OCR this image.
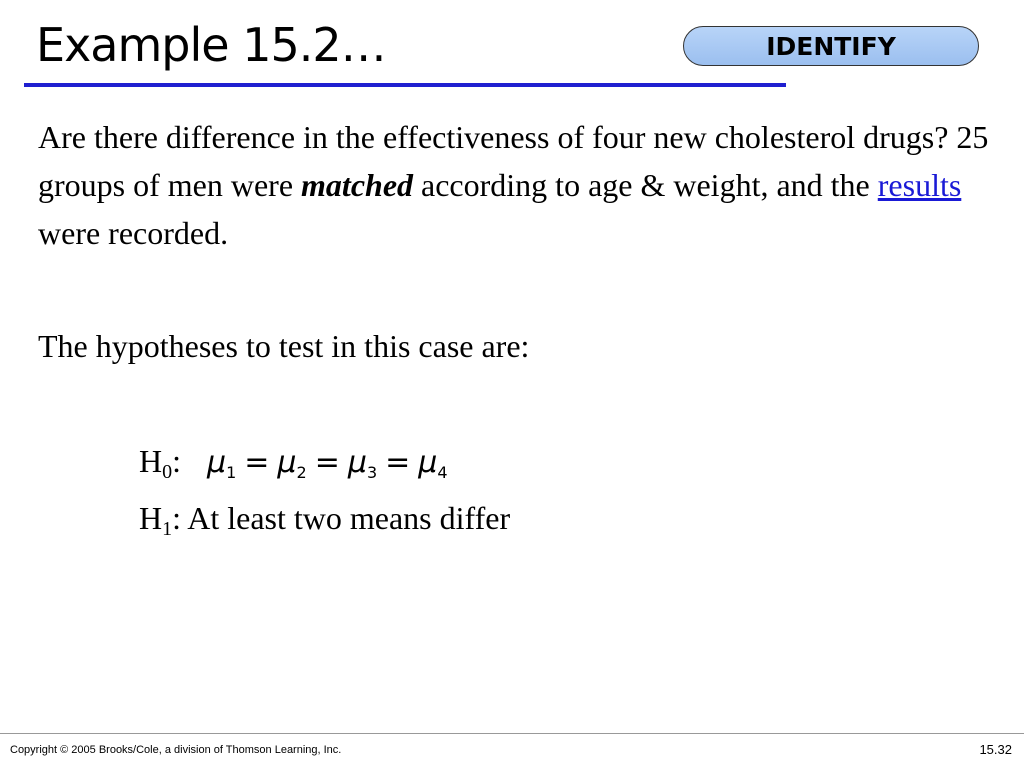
Example 15.2…	IDENTIFY

Are there difference in the effectiveness of four new cholesterol drugs? 25 groups of men were matched according to age & weight, and the results were recorded.

The hypotheses to test in this case are:
$H_0$: $\mu_1 = \mu_2 = \mu_3 = \mu_4$
$H_1$: At least two means differ
Copyright © 2005 Brooks/Cole, a division of Thomson Learning, Inc.	15.32
